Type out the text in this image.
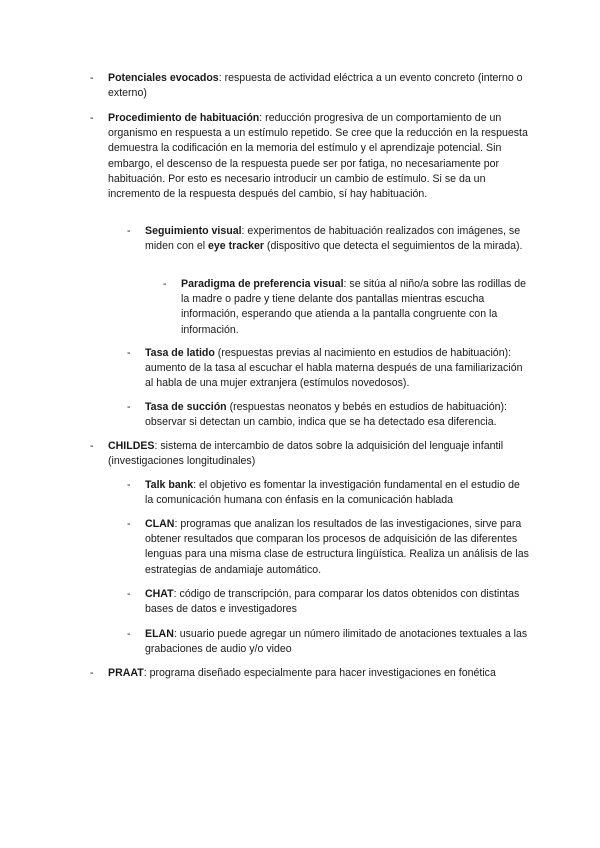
- Potenciales evocados: respuesta de actividad eléctrica a un evento concreto (interno o externo)
- Procedimiento de habituación: reducción progresiva de un comportamiento de un organismo en respuesta a un estímulo repetido. Se cree que la reducción en la respuesta demuestra la codificación en la memoria del estímulo y el aprendizaje potencial. Sin embargo, el descenso de la respuesta puede ser por fatiga, no necesariamente por habituación. Por esto es necesario introducir un cambio de estímulo. Si se da un incremento de la respuesta después del cambio, sí hay habituación.
- Seguimiento visual: experimentos de habituación realizados con imágenes, se miden con el eye tracker (dispositivo que detecta el seguimientos de la mirada).
- Paradigma de preferencia visual: se sitúa al niño/a sobre las rodillas de la madre o padre y tiene delante dos pantallas mientras escucha información, esperando que atienda a la pantalla congruente con la información.
- Tasa de latido (respuestas previas al nacimiento en estudios de habituación): aumento de la tasa al escuchar el habla materna después de una familiarización al habla de una mujer extranjera (estímulos novedosos).
- Tasa de succión (respuestas neonatos y bebés en estudios de habituación): observar si detectan un cambio, indica que se ha detectado esa diferencia.
- CHILDES: sistema de intercambio de datos sobre la adquisición del lenguaje infantil (investigaciones longitudinales)
- Talk bank: el objetivo es fomentar la investigación fundamental en el estudio de la comunicación humana con énfasis en la comunicación hablada
- CLAN: programas que analizan los resultados de las investigaciones, sirve para obtener resultados que comparan los procesos de adquisición de las diferentes lenguas para una misma clase de estructura lingüística. Realiza un análisis de las estrategias de andamiaje automático.
- CHAT: código de transcripción, para comparar los datos obtenidos con distintas bases de datos e investigadores
- ELAN: usuario puede agregar un número ilimitado de anotaciones textuales a las grabaciones de audio y/o video
- PRAAT: programa diseñado especialmente para hacer investigaciones en fonética
